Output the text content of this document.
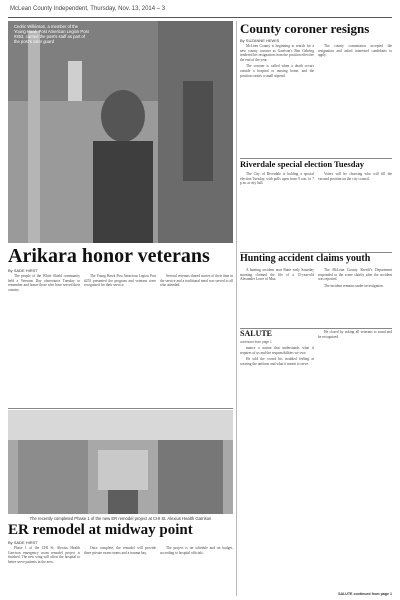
McLean County Independent, Thursday, Nov. 13, 2014 – 3
Cedric Wilkinson, a member of the Young Hawk Post American Legion Post #253, carried the post's staff as part of the post's color guard
County coroner resigns
By SUZANNE HEWIS

McLean County is beginning to search for a new county coroner as Garrison's Ben Gehring tendered his resignation from the position effective the end of the year.

The coroner is called when a death occurs outside a hospital or nursing home, and the position carries a small stipend.

The county commission accepted the resignation and asked interested candidates to apply.

Riverdale special election Tuesday

The City of Riverdale is holding a special election Tuesday, with polls open from 9 a.m. to 7 p.m. at city hall.

Voters will be choosing who will fill the vacated position on the city council.

Arikara honor veterans
By SADE HIRST

The people of the White Shield community held a Veterans Day observance Tuesday to remember and honor those who have served their country.

The Young Hawk Post American Legion Post #253 presented the program and veterans were recognized for their service.

Several veterans shared stories of their time in the service and a traditional meal was served to all who attended.

Hunting accident claims youth

A hunting accident near Butte early Saturday morning claimed the life of a 15-year-old Alexander Lowe of Max.

The McLean County Sheriff's Department responded to the scene shortly after the accident was reported.

The incident remains under investigation.

SALUTE
continued from page 1

mance a nation that understands what it requires of us and the responsibilities we owe.

He told the crowd his troubled feeling at wearing the uniform and what it meant to serve.

He closed by asking all veterans to stand and be recognized.

The recently completed Phase 1 of the new ER remodel project at CHI St. Alexius Health Garrison
ER remodel at midway point
By SADE HIRST

Phase 1 of the CHI St. Alexius Health Garrison emergency room remodel project is finished. The new wing will allow the hospital to better serve patients in the area.

Once complete, the remodel will provide three private exam rooms and a trauma bay.

The project is on schedule and on budget, according to hospital officials.

SALUTE continued from page 1
